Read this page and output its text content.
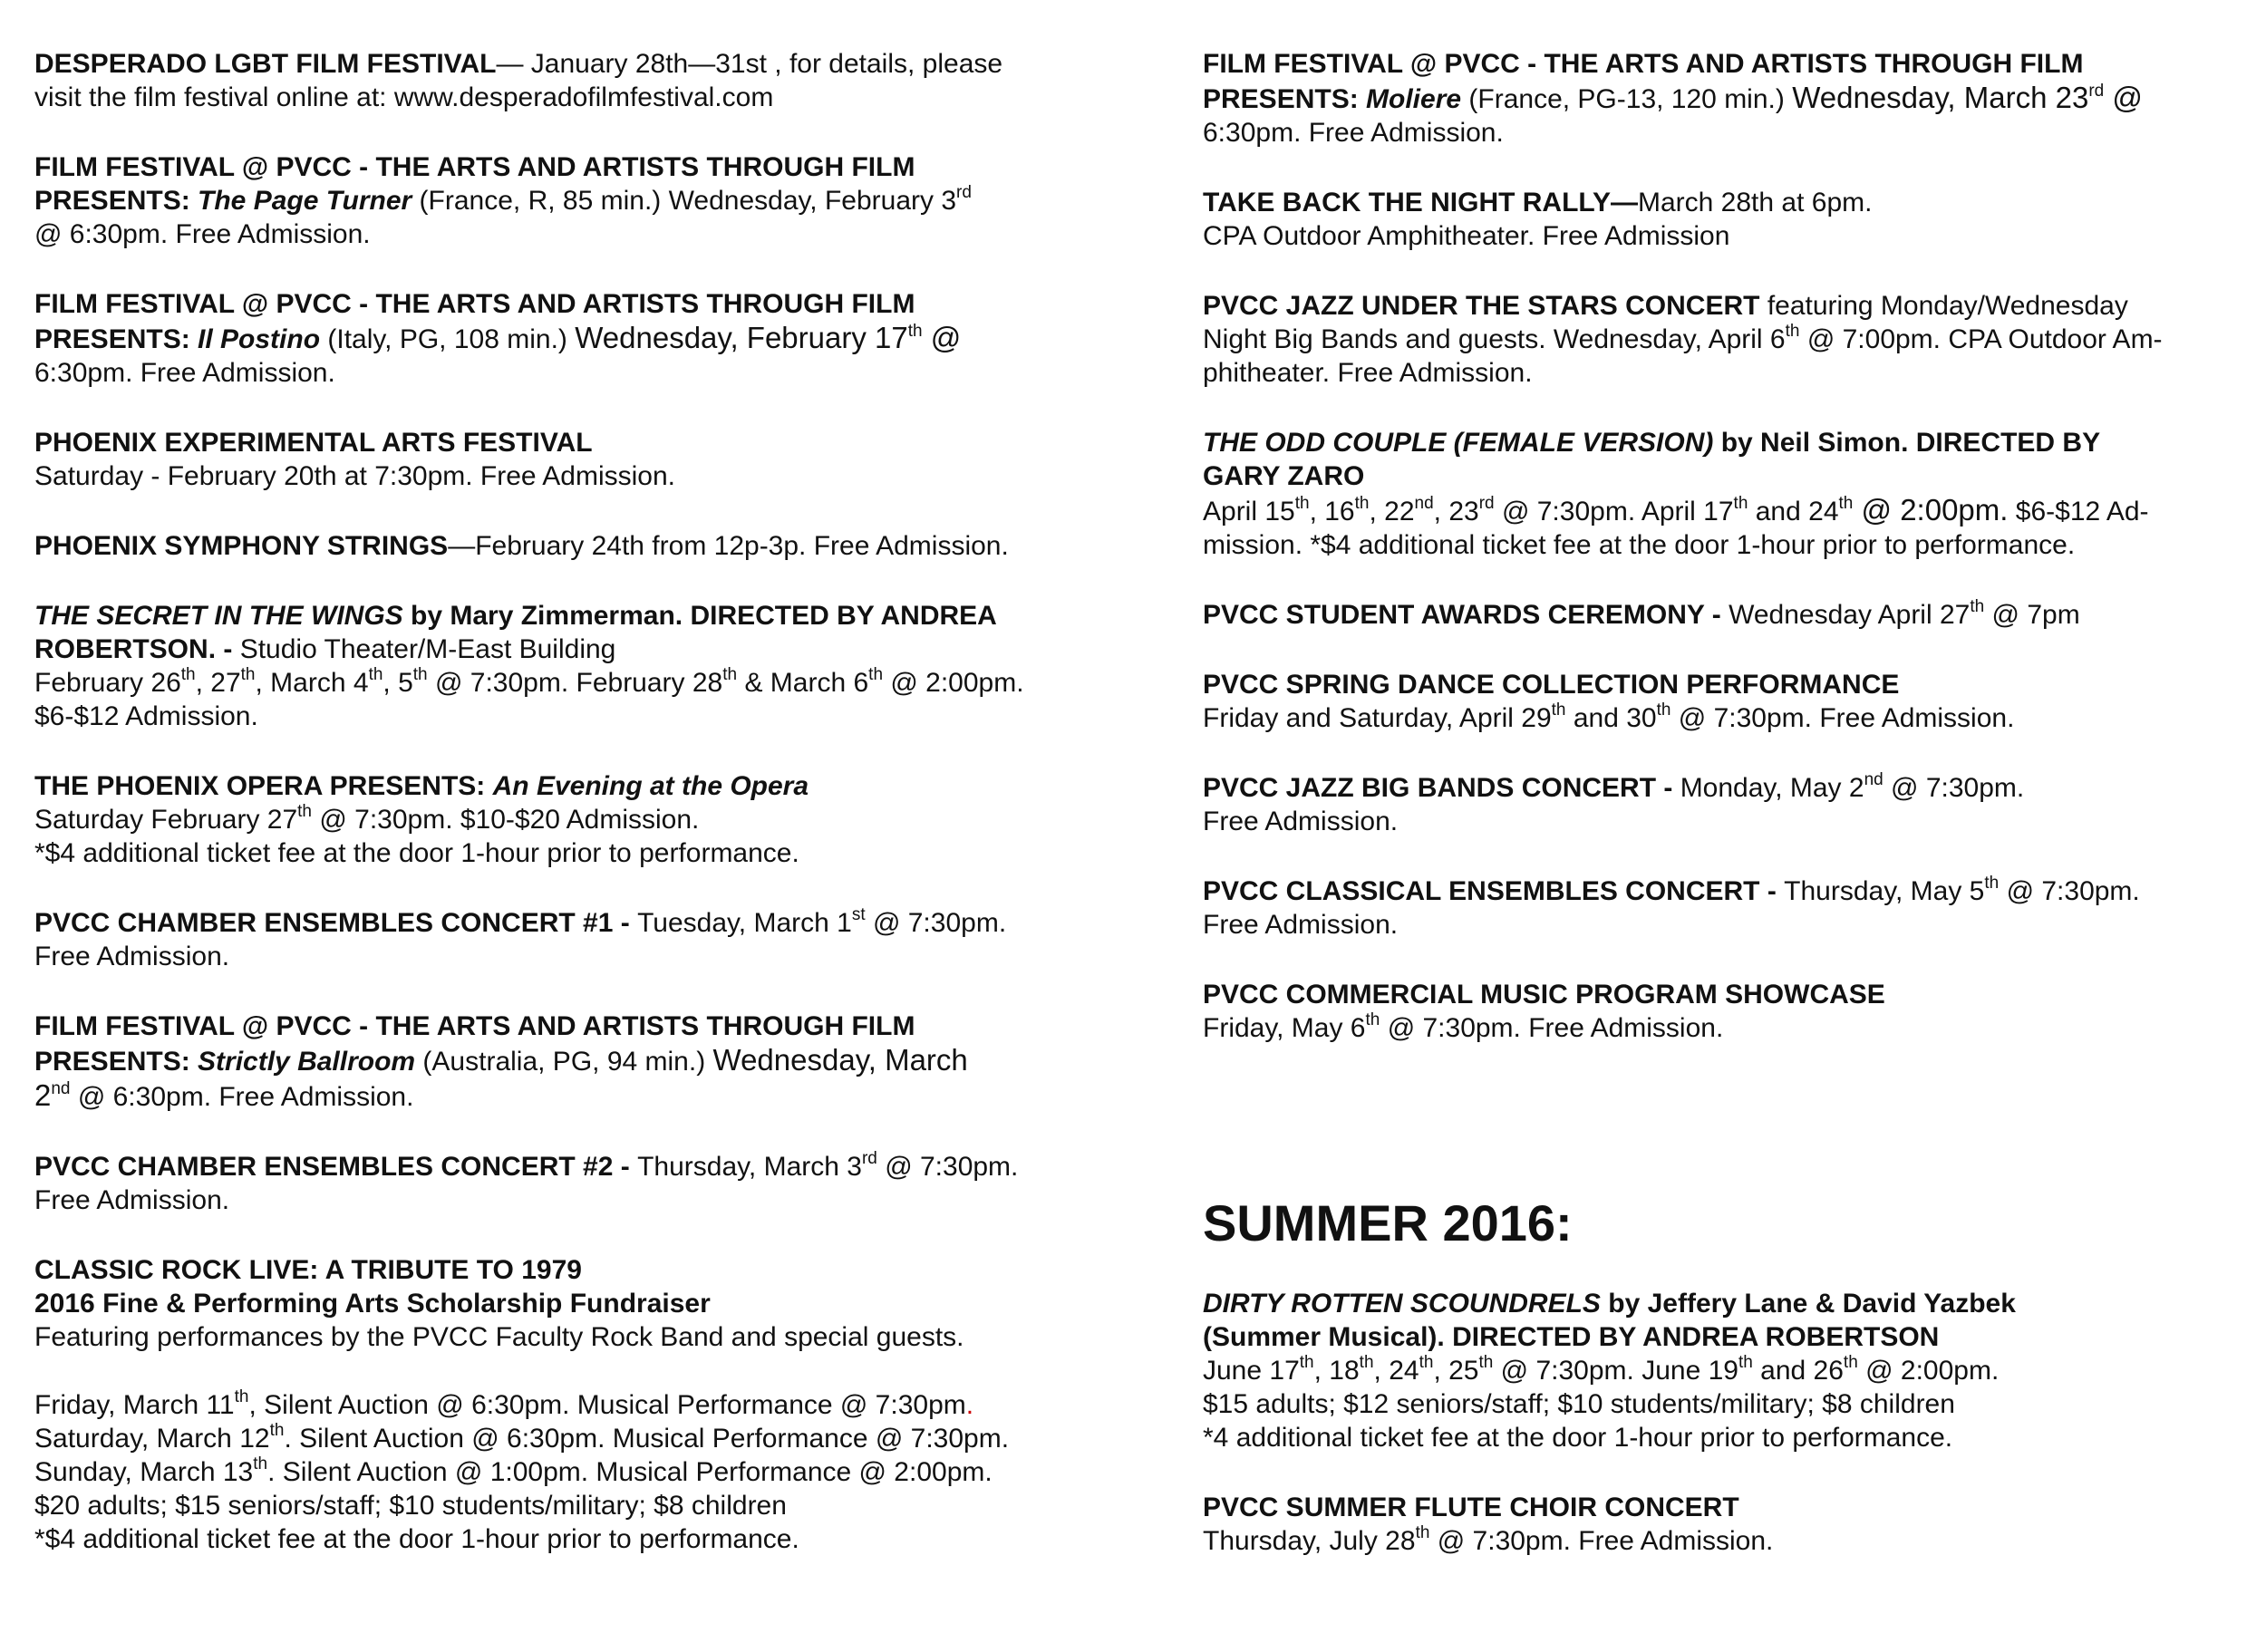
DESPERADO LGBT FILM FESTIVAL— January 28th—31st , for details, please
visit the film festival online at: www.desperadofilmfestival.com
FILM FESTIVAL @ PVCC - THE ARTS AND ARTISTS THROUGH FILM
PRESENTS: The Page Turner (France, R, 85 min.) Wednesday, February 3rd
@ 6:30pm. Free Admission.
FILM FESTIVAL @ PVCC - THE ARTS AND ARTISTS THROUGH FILM
PRESENTS: Il Postino (Italy, PG, 108 min.) Wednesday, February 17th @
6:30pm. Free Admission.
PHOENIX EXPERIMENTAL ARTS FESTIVAL
Saturday - February 20th at 7:30pm. Free Admission.
PHOENIX SYMPHONY STRINGS—February 24th from 12p-3p. Free Admission.
THE SECRET IN THE WINGS by Mary Zimmerman. DIRECTED BY ANDREA
ROBERTSON. - Studio Theater/M-East Building
February 26th, 27th, March 4th, 5th @ 7:30pm. February 28th & March 6th @ 2:00pm.
$6-$12 Admission.
THE PHOENIX OPERA PRESENTS: An Evening at the Opera
Saturday February 27th @ 7:30pm. $10-$20 Admission.
*$4 additional ticket fee at the door 1-hour prior to performance.
PVCC CHAMBER ENSEMBLES CONCERT #1 - Tuesday, March 1st @ 7:30pm.
Free Admission.
FILM FESTIVAL @ PVCC - THE ARTS AND ARTISTS THROUGH FILM
PRESENTS: Strictly Ballroom (Australia, PG, 94 min.) Wednesday, March
2nd @ 6:30pm. Free Admission.
PVCC CHAMBER ENSEMBLES CONCERT #2 - Thursday, March 3rd @ 7:30pm.
Free Admission.
CLASSIC ROCK LIVE: A TRIBUTE TO 1979
2016 Fine & Performing Arts Scholarship Fundraiser
Featuring performances by the PVCC Faculty Rock Band and special guests.
Friday, March 11th, Silent Auction @ 6:30pm. Musical Performance @ 7:30pm.
Saturday, March 12th. Silent Auction @ 6:30pm. Musical Performance @ 7:30pm.
Sunday, March 13th. Silent Auction @ 1:00pm. Musical Performance @ 2:00pm.
$20 adults; $15 seniors/staff; $10 students/military; $8 children
*$4 additional ticket fee at the door 1-hour prior to performance.
FILM FESTIVAL @ PVCC - THE ARTS AND ARTISTS THROUGH FILM
PRESENTS: Moliere (France, PG-13, 120 min.) Wednesday, March 23rd @
6:30pm. Free Admission.
TAKE BACK THE NIGHT RALLY—March 28th at 6pm.
CPA Outdoor Amphitheater. Free Admission
PVCC JAZZ UNDER THE STARS CONCERT featuring Monday/Wednesday
Night Big Bands and guests. Wednesday, April 6th @ 7:00pm. CPA Outdoor Am-
phitheater. Free Admission.
THE ODD COUPLE (FEMALE VERSION) by Neil Simon. DIRECTED BY
GARY ZARO
April 15th, 16th, 22nd, 23rd @ 7:30pm. April 17th and 24th @ 2:00pm. $6-$12 Ad-
mission. *$4 additional ticket fee at the door 1-hour prior to performance.
PVCC STUDENT AWARDS CEREMONY - Wednesday April 27th @ 7pm
PVCC SPRING DANCE COLLECTION PERFORMANCE
Friday and Saturday, April 29th and 30th @ 7:30pm. Free Admission.
PVCC JAZZ BIG BANDS CONCERT - Monday, May 2nd @ 7:30pm.
Free Admission.
PVCC CLASSICAL ENSEMBLES CONCERT - Thursday, May 5th @ 7:30pm.
Free Admission.
PVCC COMMERCIAL MUSIC PROGRAM SHOWCASE
Friday, May 6th @ 7:30pm. Free Admission.
SUMMER 2016:
DIRTY ROTTEN SCOUNDRELS by Jeffery Lane & David Yazbek
(Summer Musical). DIRECTED BY ANDREA ROBERTSON
June 17th, 18th, 24th, 25th @ 7:30pm. June 19th and 26th @ 2:00pm.
$15 adults; $12 seniors/staff; $10 students/military; $8 children
*4 additional ticket fee at the door 1-hour prior to performance.
PVCC SUMMER FLUTE CHOIR CONCERT
Thursday, July 28th @ 7:30pm. Free Admission.
